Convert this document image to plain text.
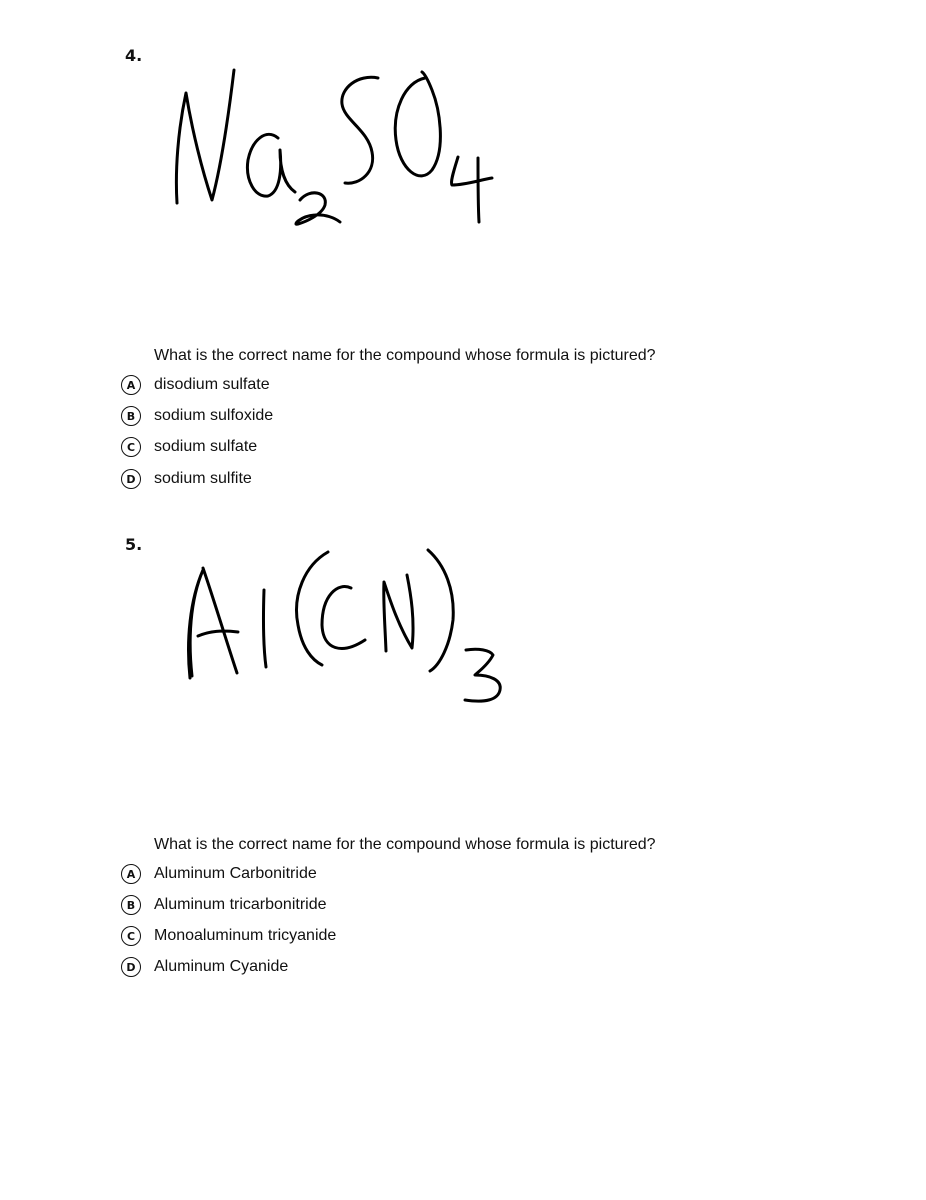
4.
What is the correct name for the compound whose formula is pictured?
A	disodium sulfate
B	sodium sulfoxide
C	sodium sulfate
D	sodium sulfite
5.
What is the correct name for the compound whose formula is pictured?
A	Aluminum Carbonitride
B	Aluminum tricarbonitride
C	Monoaluminum tricyanide
D	Aluminum Cyanide
